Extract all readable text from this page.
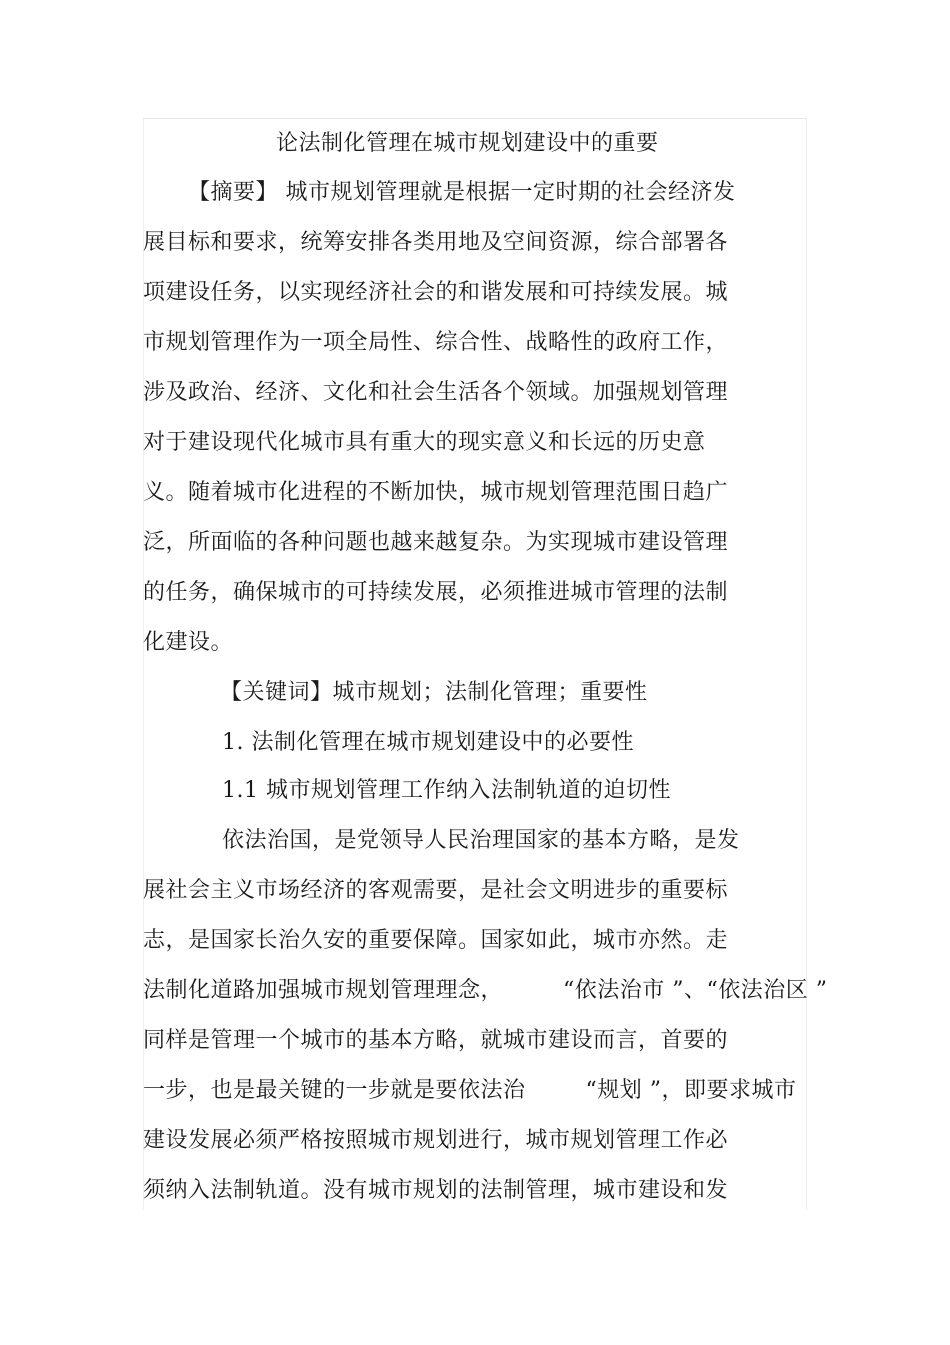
论法制化管理在城市规划建设中的重要
【摘要】 城市规划管理就是根据一定时期的社会经济发
展目标和要求，统筹安排各类用地及空间资源，综合部署各
项建设任务，以实现经济社会的和谐发展和可持续发展。城
市规划管理作为一项全局性、综合性、战略性的政府工作，
涉及政治、经济、文化和社会生活各个领域。加强规划管理
对于建设现代化城市具有重大的现实意义和长远的历史意
义。随着城市化进程的不断加快，城市规划管理范围日趋广
泛，所面临的各种问题也越来越复杂。为实现城市建设管理
的任务，确保城市的可持续发展，必须推进城市管理的法制
化建设。
【关键词】城市规划；法制化管理；重要性
1. 法制化管理在城市规划建设中的必要性
1.1 城市规划管理工作纳入法制轨道的迫切性
依法治国，是党领导人民治理国家的基本方略，是发
展社会主义市场经济的客观需要，是社会文明进步的重要标
志，是国家长治久安的重要保障。国家如此，城市亦然。走
法制化道路加强城市规划管理理念，	“依法治市 ”、“依法治区 ”
同样是管理一个城市的基本方略，就城市建设而言，首要的
一步，也是最关键的一步就是要依法治	“规划 ”，即要求城市
建设发展必须严格按照城市规划进行，城市规划管理工作必
须纳入法制轨道。没有城市规划的法制管理，城市建设和发
